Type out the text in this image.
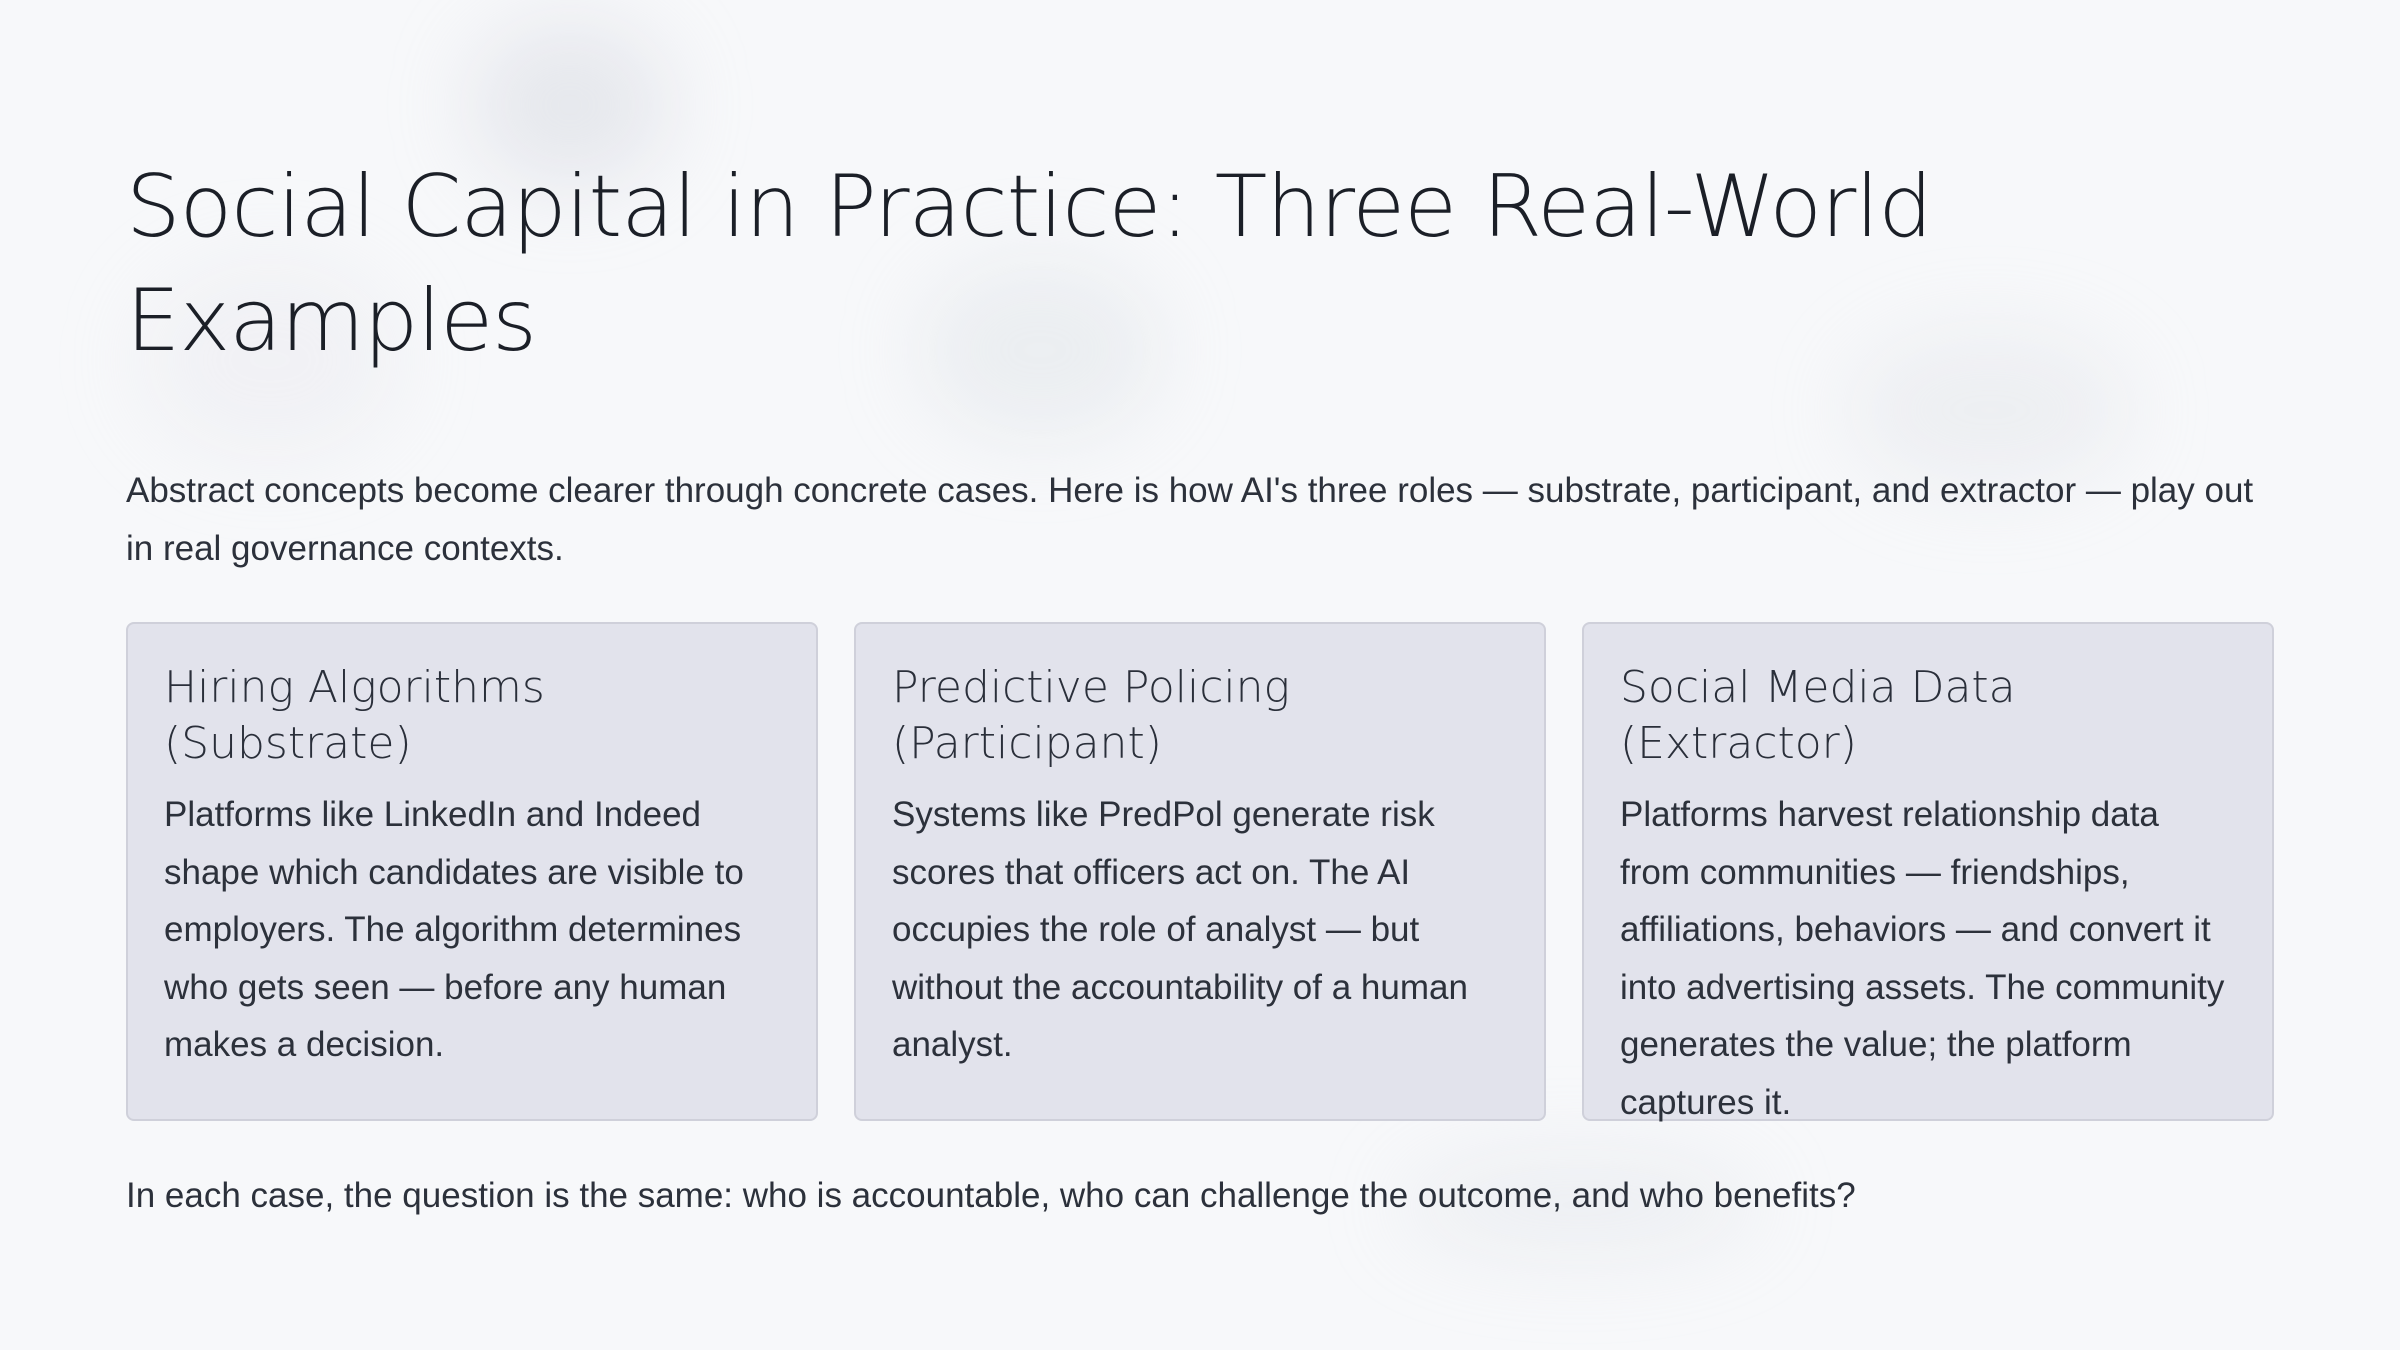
Social Capital in Practice: Three Real-World Examples
Abstract concepts become clearer through concrete cases. Here is how AI's three roles — substrate, participant, and extractor — play out in real governance contexts.
Hiring Algorithms (Substrate)
Platforms like LinkedIn and Indeed shape which candidates are visible to employers. The algorithm determines who gets seen — before any human makes a decision.
Predictive Policing (Participant)
Systems like PredPol generate risk scores that officers act on. The AI occupies the role of analyst — but without the accountability of a human analyst.
Social Media Data (Extractor)
Platforms harvest relationship data from communities — friendships, affiliations, behaviors — and convert it into advertising assets. The community generates the value; the platform captures it.
In each case, the question is the same: who is accountable, who can challenge the outcome, and who benefits?
